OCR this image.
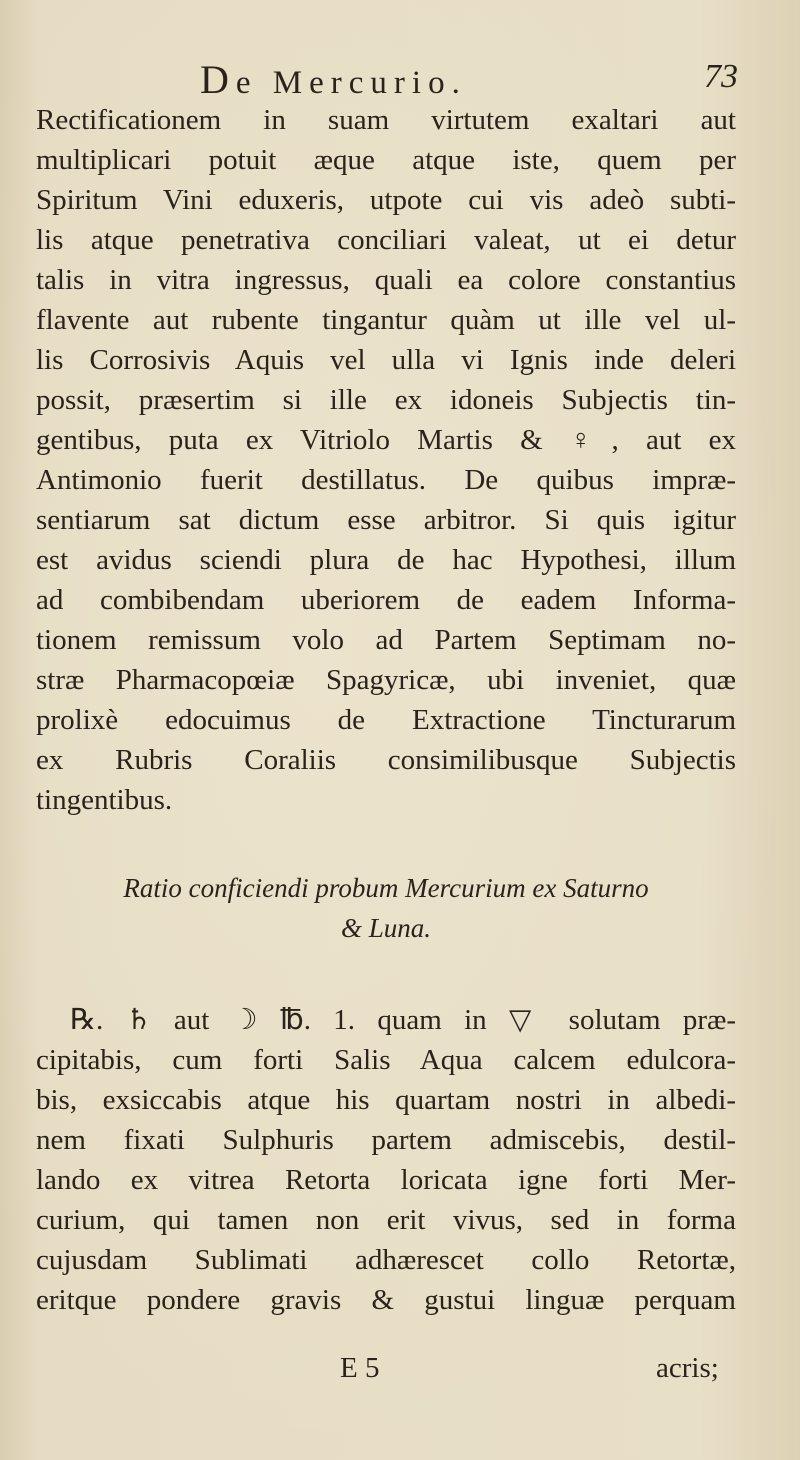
De Mercurio.	73
Rectificationem in suam virtutem exaltari aut
multiplicari potuit æque atque iste, quem per
Spiritum Vini eduxeris, utpote cui vis adeò subti-
lis atque penetrativa conciliari valeat, ut ei detur
talis in vitra ingressus, quali ea colore constantius
flavente aut rubente tingantur quàm ut ille vel ul-
lis Corrosivis Aquis vel ulla vi Ignis inde deleri
possit, præsertim si ille ex idoneis Subjectis tin-
gentibus, puta ex Vitriolo Martis & ♀, aut ex
Antimonio fuerit destillatus. De quibus impræ-
sentiarum sat dictum esse arbitror. Si quis igitur
est avidus sciendi plura de hac Hypothesi, illum
ad combibendam uberiorem de eadem Informa-
tionem remissum volo ad Partem Septimam no-
stræ Pharmacopœiæ Spagyricæ, ubi inveniet, quæ
prolixè edocuimus de Extractione Tincturarum
ex Rubris Coraliis consimilibusque Subjectis
tingentibus.
Ratio conficiendi probum Mercurium ex Saturno
& Luna.
℞. ♄ aut ☽ ℔. 1. quam in ▽ solutam præ-
cipitabis, cum forti Salis Aqua calcem edulcora-
bis, exsiccabis atque his quartam nostri in albedi-
nem fixati Sulphuris partem admiscebis, destil-
lando ex vitrea Retorta loricata igne forti Mer-
curium, qui tamen non erit vivus, sed in forma
cujusdam Sublimati adhærescet collo Retortæ,
eritque pondere gravis & gustui linguæ perquam
E 5	acris;
